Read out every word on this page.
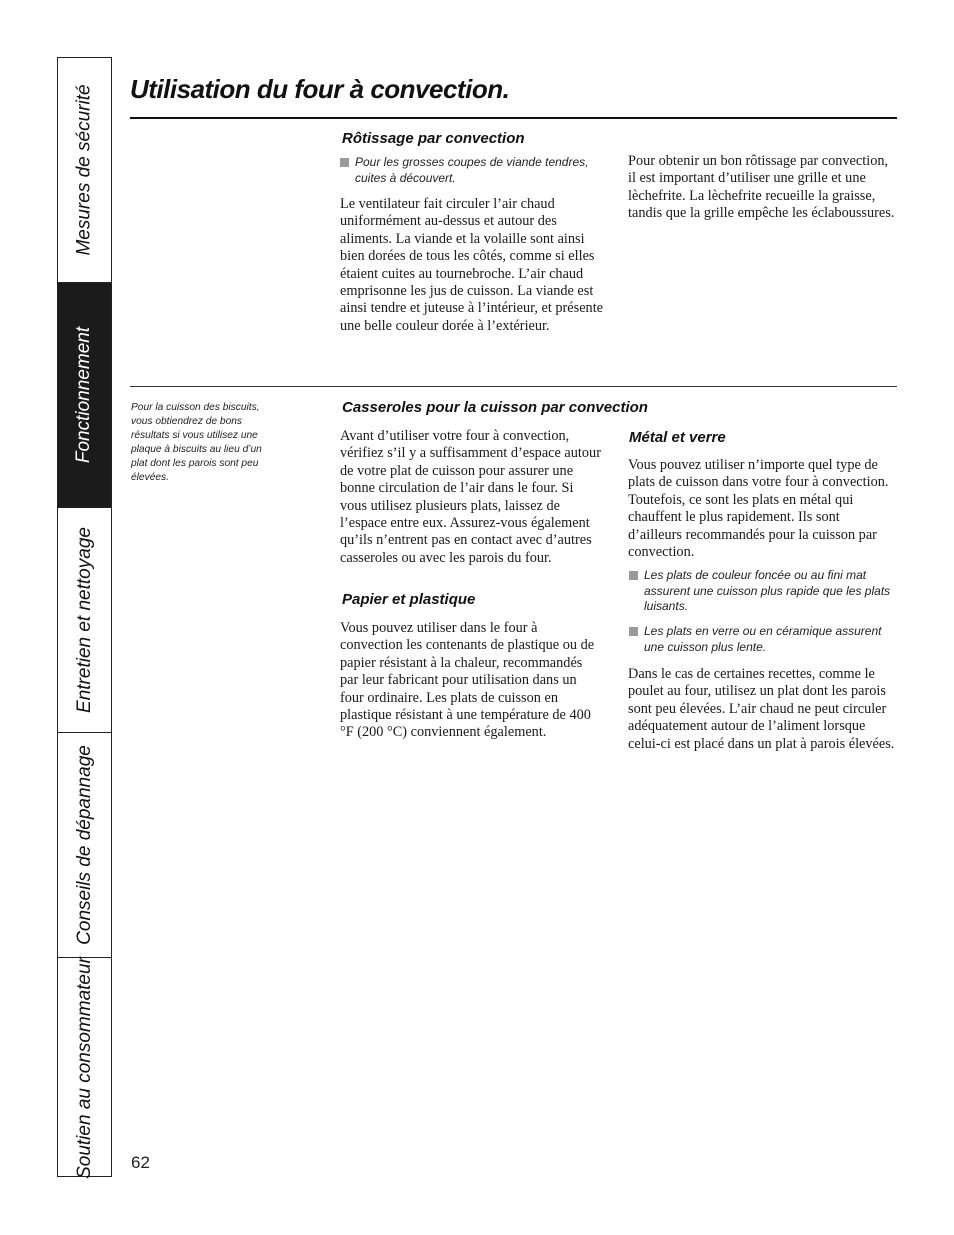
Mesures de sécurité
Fonctionnement
Entretien et nettoyage
Conseils de dépannage
Soutien au consommateur
Utilisation du four à convection.
Rôtissage par convection
Pour les grosses coupes de viande tendres, cuites à découvert.

Le ventilateur fait circuler l’air chaud uniformément au-dessus et autour des aliments. La viande et la volaille sont ainsi bien dorées de tous les côtés, comme si elles étaient cuites au tournebroche. L’air chaud emprisonne les jus de cuisson. La viande est ainsi tendre et juteuse à l’intérieur, et présente une belle couleur dorée à l’extérieur.

Pour obtenir un bon rôtissage par convection, il est important d’utiliser une grille et une lèchefrite. La lèchefrite recueille la graisse, tandis que la grille empêche les éclaboussures.

Pour la cuisson des biscuits, vous obtiendrez de bons résultats si vous utilisez une plaque à biscuits au lieu d’un plat dont les parois sont peu élevées.

Casseroles pour la cuisson par convection

Avant d’utiliser votre four à convection, vérifiez s’il y a suffisamment d’espace autour de votre plat de cuisson pour assurer une bonne circulation de l’air dans le four. Si vous utilisez plusieurs plats, laissez de l’espace entre eux. Assurez-vous également qu’ils n’entrent pas en contact avec d’autres casseroles ou avec les parois du four.

Papier et plastique

Vous pouvez utiliser dans le four à convection les contenants de plastique ou de papier résistant à la chaleur, recommandés par leur fabricant pour utilisation dans un four ordinaire. Les plats de cuisson en plastique résistant à une température de 400 °F (200 °C) conviennent également.

Métal et verre

Vous pouvez utiliser n’importe quel type de plats de cuisson dans votre four à convection. Toutefois, ce sont les plats en métal qui chauffent le plus rapidement. Ils sont d’ailleurs recommandés pour la cuisson par convection.

Les plats de couleur foncée ou au fini mat assurent une cuisson plus rapide que les plats luisants.
Les plats en verre ou en céramique assurent une cuisson plus lente.

Dans le cas de certaines recettes, comme le poulet au four, utilisez un plat dont les parois sont peu élevées. L’air chaud ne peut circuler adéquatement autour de l’aliment lorsque celui-ci est placé dans un plat à parois élevées.

62
